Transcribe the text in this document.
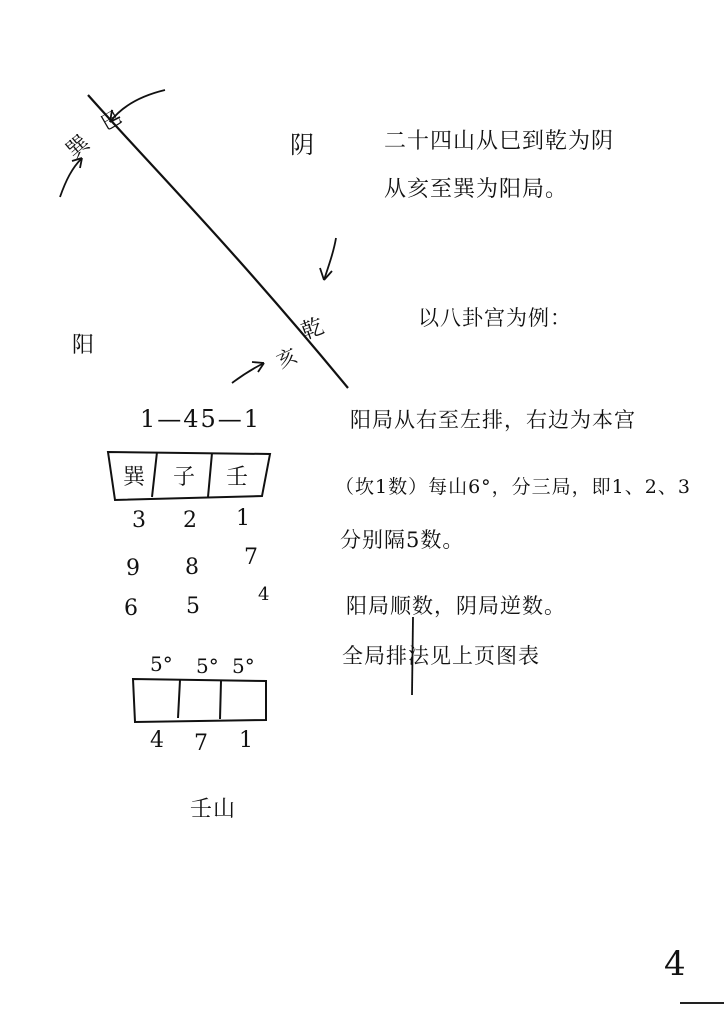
巽
巳
阴
阳
乾
亥
二十四山从巳到乾为阴
从亥至巽为阳局。
以八卦宫为例：
1—45—1
巽	子	壬
3 2 1
9 8 7
6 5	4
阳局从右至左排，右边为本宫
（坎1数）每山6°，分三局，即1、2、3
分别隔5数。
阳局顺数，阴局逆数。
全局排法见上页图表
5° 5° 5°
4 7 1
壬山
4
